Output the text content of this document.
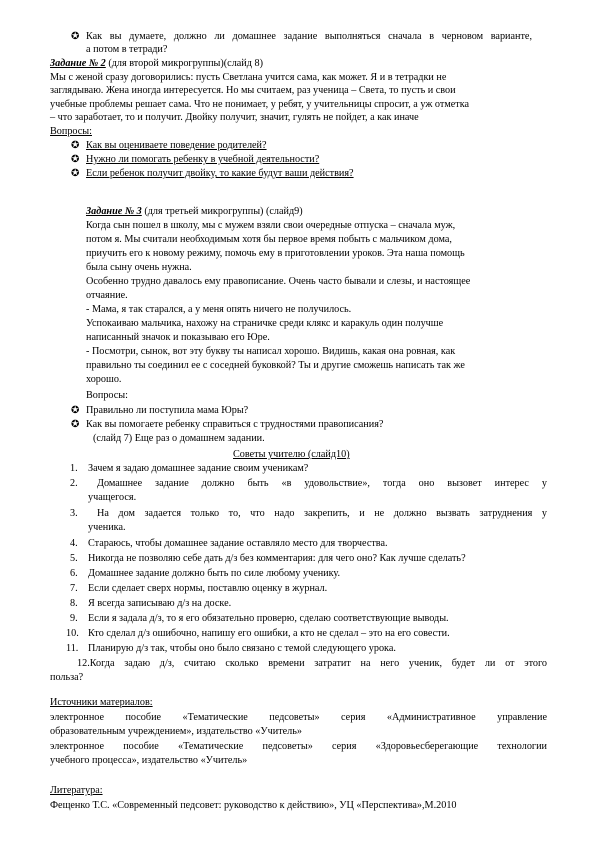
✪ Как вы думаете, должно ли домашнее задание выполняться сначала в черновом варианте,
а потом в тетради?
Задание № 2 (для второй микрогруппы)(слайд 8)
Мы с женой сразу договорились: пусть Светлана учится сама, как может. Я и в тетрадки не
заглядываю. Жена иногда интересуется. Но мы считаем, раз ученица – Света, то пусть и свои
учебные проблемы решает сама. Что не понимает, у ребят, у учительницы спросит, а уж отметка
– что заработает, то и получит. Двойку получит, значит, гулять не пойдет, а как иначе
Вопросы:
✪ Как вы оцениваете поведение родителей?
✪ Нужно ли помогать ребенку в учебной деятельности?
✪ Если ребенок получит двойку, то какие будут ваши действия?
Задание № 3 (для третьей микрогруппы) (слайд9)
Когда сын пошел в школу, мы с мужем взяли свои очередные отпуска – сначала муж,
потом я. Мы считали необходимым хотя бы первое время побыть с мальчиком дома,
приучить его к новому режиму, помочь ему в приготовлении уроков. Эта наша помощь
была сыну очень нужна.
Особенно трудно давалось ему правописание. Очень часто бывали и слезы, и настоящее
отчаяние.
- Мама, я так старался, а у меня опять ничего не получилось.
Успокаиваю мальчика, нахожу на страничке среди клякс и каракуль один получше
написанный значок и показываю его Юре.
- Посмотри, сынок, вот эту букву ты написал хорошо. Видишь, какая она ровная, как
правильно ты соединил ее с соседней буковкой? Ты и другие сможешь написать так же
хорошо.
Вопросы:
✪ Правильно ли поступила мама Юры?
✪ Как вы помогаете ребенку справиться с трудностями правописания?
(слайд 7) Еще раз о домашнем задании.
Советы учителю (слайд10)
1. Зачем я задаю домашнее задание своим ученикам?
2. Домашнее задание должно быть «в удовольствие», тогда оно вызовет интерес у
учащегося.
3. На дом задается только то, что надо закрепить, и не должно вызвать затруднения у
ученика.
4. Стараюсь, чтобы домашнее задание оставляло место для творчества.
5. Никогда не позволяю себе дать д/з без комментария: для чего оно? Как лучше сделать?
6. Домашнее задание должно быть по силе любому ученику.
7. Если сделает сверх нормы, поставлю оценку в журнал.
8. Я всегда записываю д/з на доске.
9. Если я задала д/з, то я его обязательно проверю, сделаю соответствующие выводы.
10. Кто сделал д/з ошибочно, напишу его ошибки, а кто не сделал – это на его совести.
11. Планирую д/з так, чтобы оно было связано с темой следующего урока.
12.Когда задаю д/з, считаю сколько времени затратит на него ученик, будет ли от этого
польза?
Источники материалов:
электронное пособие «Тематические педсоветы» серия «Административное управление
образовательным учреждением», издательство «Учитель»
электронное пособие «Тематические педсоветы» серия «Здоровьесберегающие технологии
учебного процесса», издательство «Учитель»
Литература:
Фещенко Т.С. «Современный педсовет: руководство к действию», УЦ «Перспектива»,М.2010
